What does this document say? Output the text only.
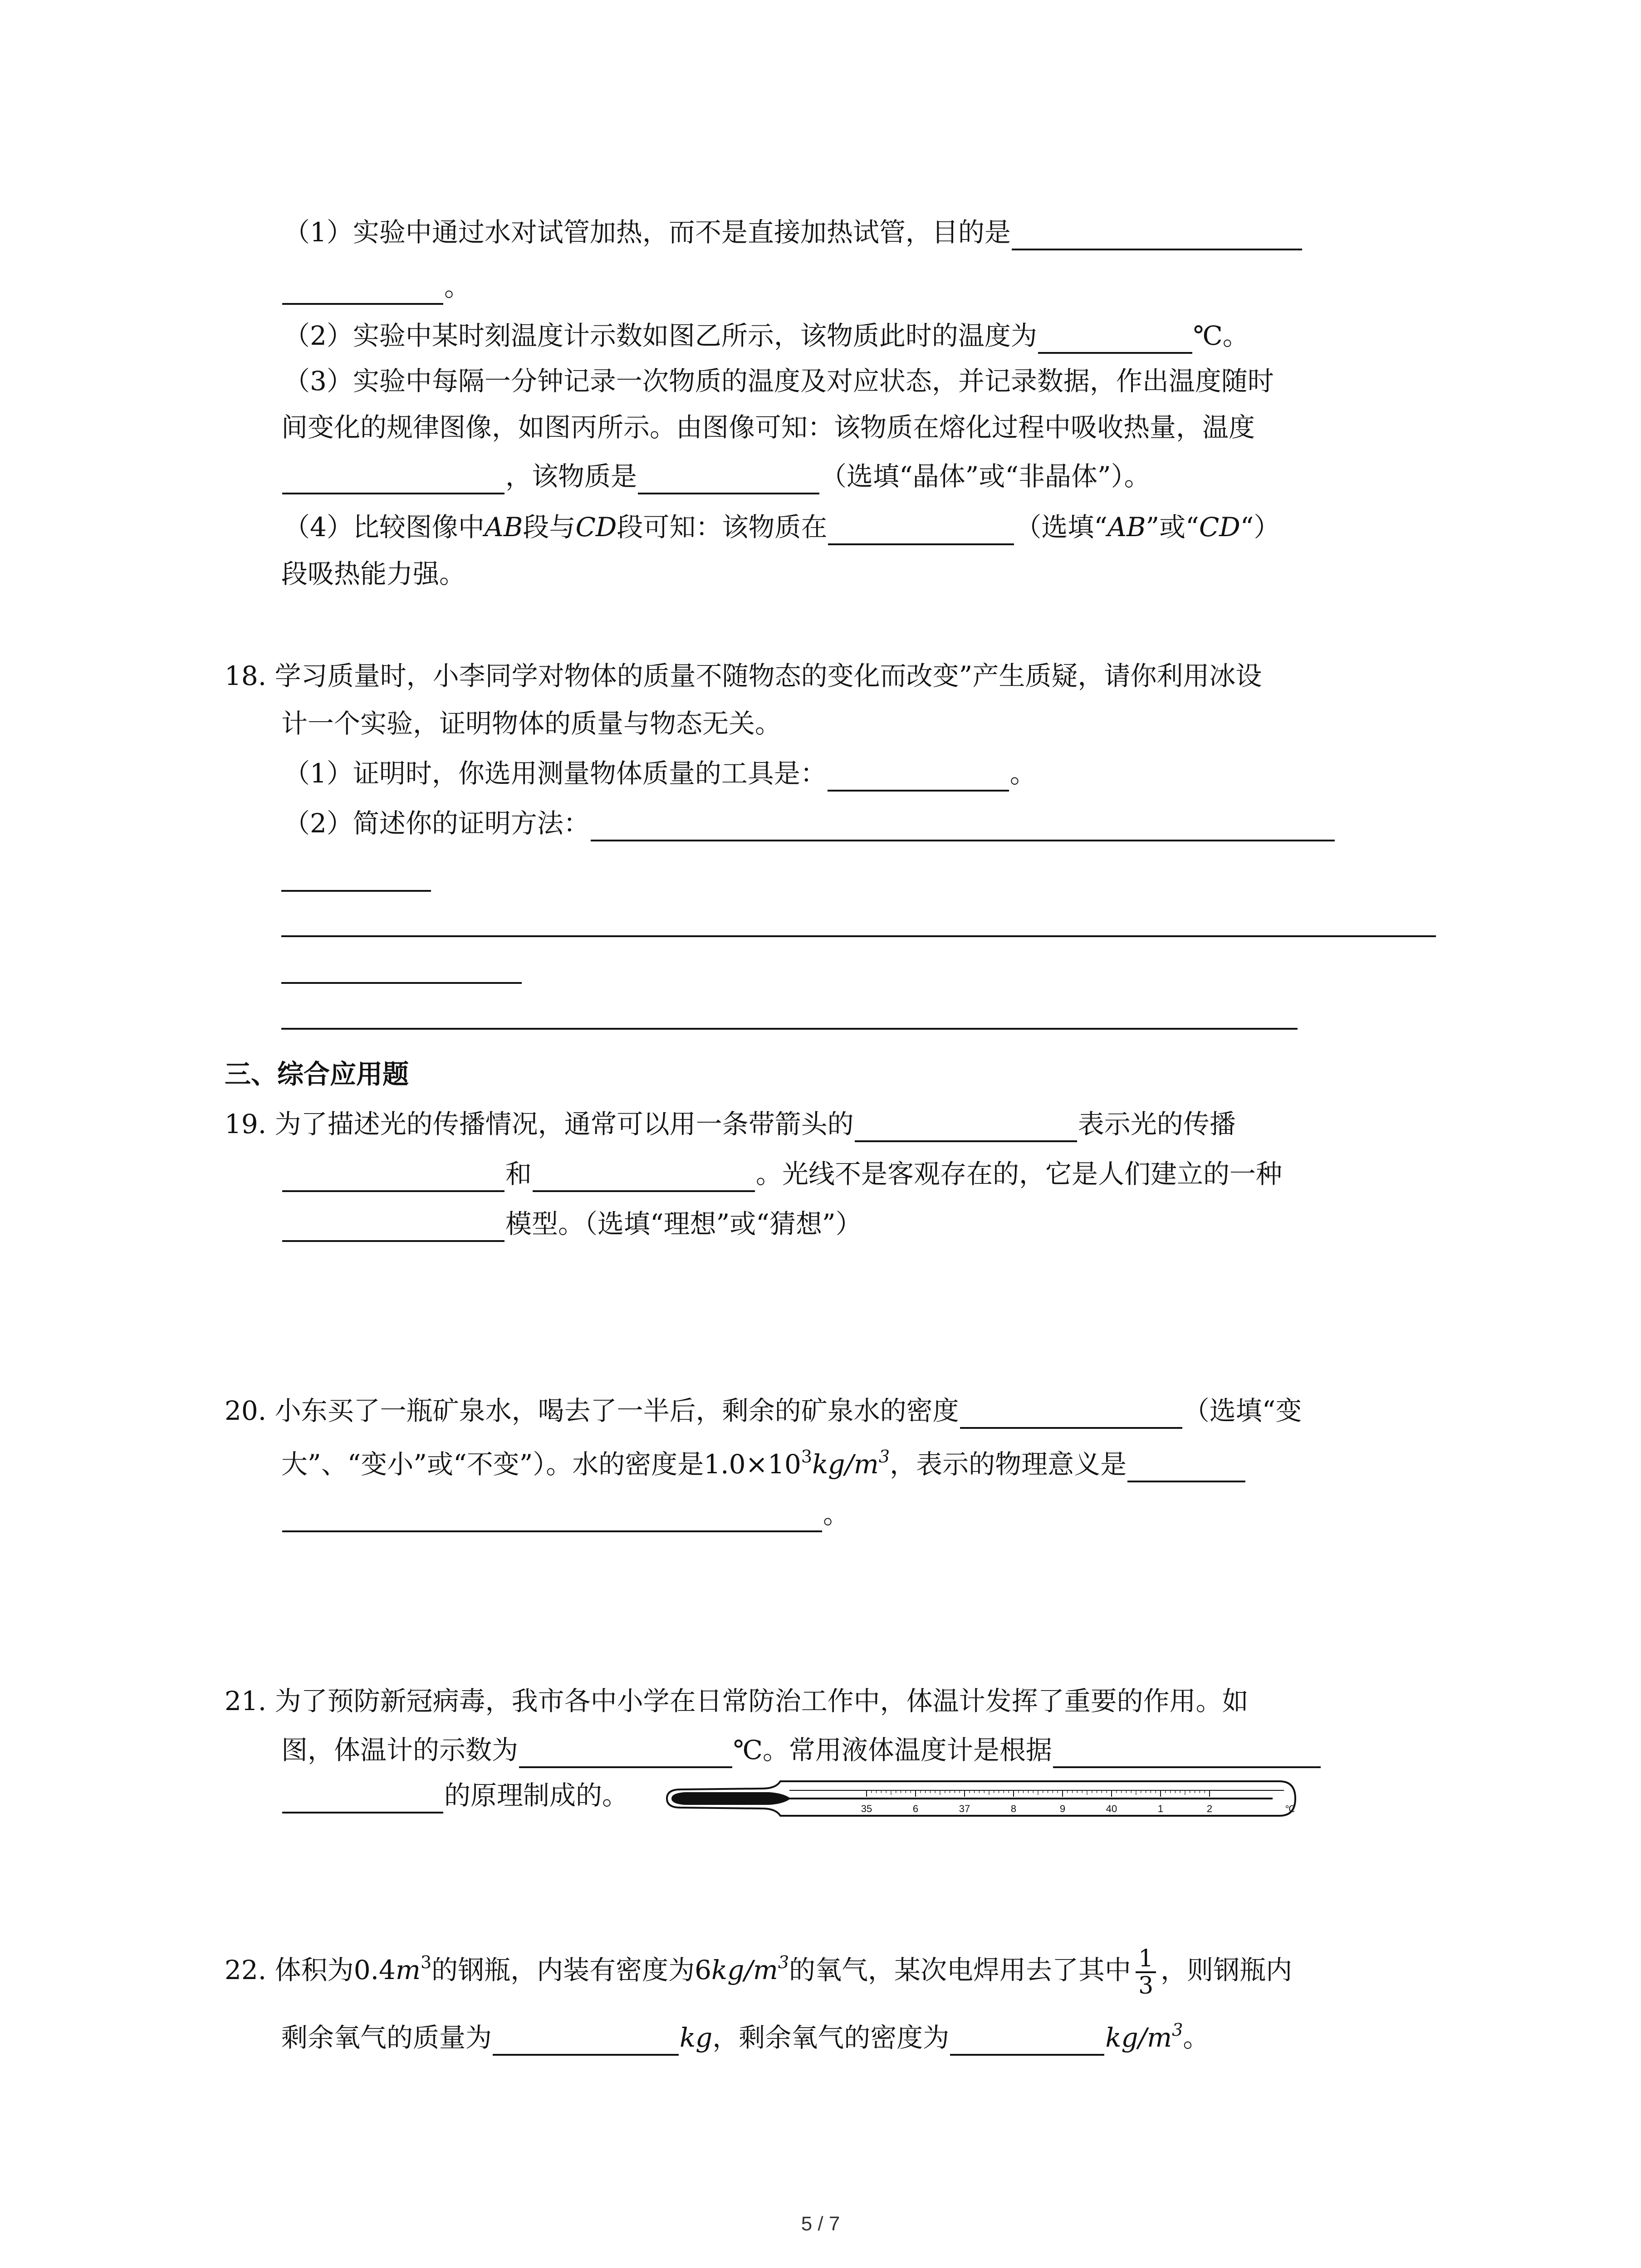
（1）实验中通过水对试管加热，而不是直接加热试管，目的是
。
（2）实验中某时刻温度计示数如图乙所示，该物质此时的温度为	℃。
（3）实验中每隔一分钟记录一次物质的温度及对应状态，并记录数据，作出温度随时
间变化的规律图像，如图丙所示。由图像可知：该物质在熔化过程中吸收热量，温度
，该物质是	（选填“晶体”或“非晶体”）。
（4）比较图像中AB段与CD段可知：该物质在	（选填“AB”或“CD“）
段吸热能力强。
18. 学习质量时，小李同学对物体的质量不随物态的变化而改变”产生质疑，请你利用冰设
计一个实验，证明物体的质量与物态无关。
（1）证明时，你选用测量物体质量的工具是：	。
（2）简述你的证明方法：
三、综合应用题
19. 为了描述光的传播情况，通常可以用一条带箭头的	表示光的传播
和	。光线不是客观存在的，它是人们建立的一种
模型。（选填“理想”或“猜想”）
20. 小东买了一瓶矿泉水，喝去了一半后，剩余的矿泉水的密度	（选填“变
大”、“变小”或“不变”）。水的密度是$1.0\times 10^3kg/m^3$，表示的物理意义是
。
21. 为了预防新冠病毒，我市各中小学在日常防治工作中，体温计发挥了重要的作用。如
图，体温计的示数为	℃。常用液体温度计是根据
的原理制成的。	35	6	37	8	9	40	1	2	℃
22. 体积为$0.4m^3$的钢瓶，内装有密度为$6kg/m^3$的氧气，某次电焊用去了其中 $\frac{1}{3}$ ，则钢瓶内
剩余氧气的质量为	kg，剩余氧气的密度为	$kg/m^3$。
5 / 7
